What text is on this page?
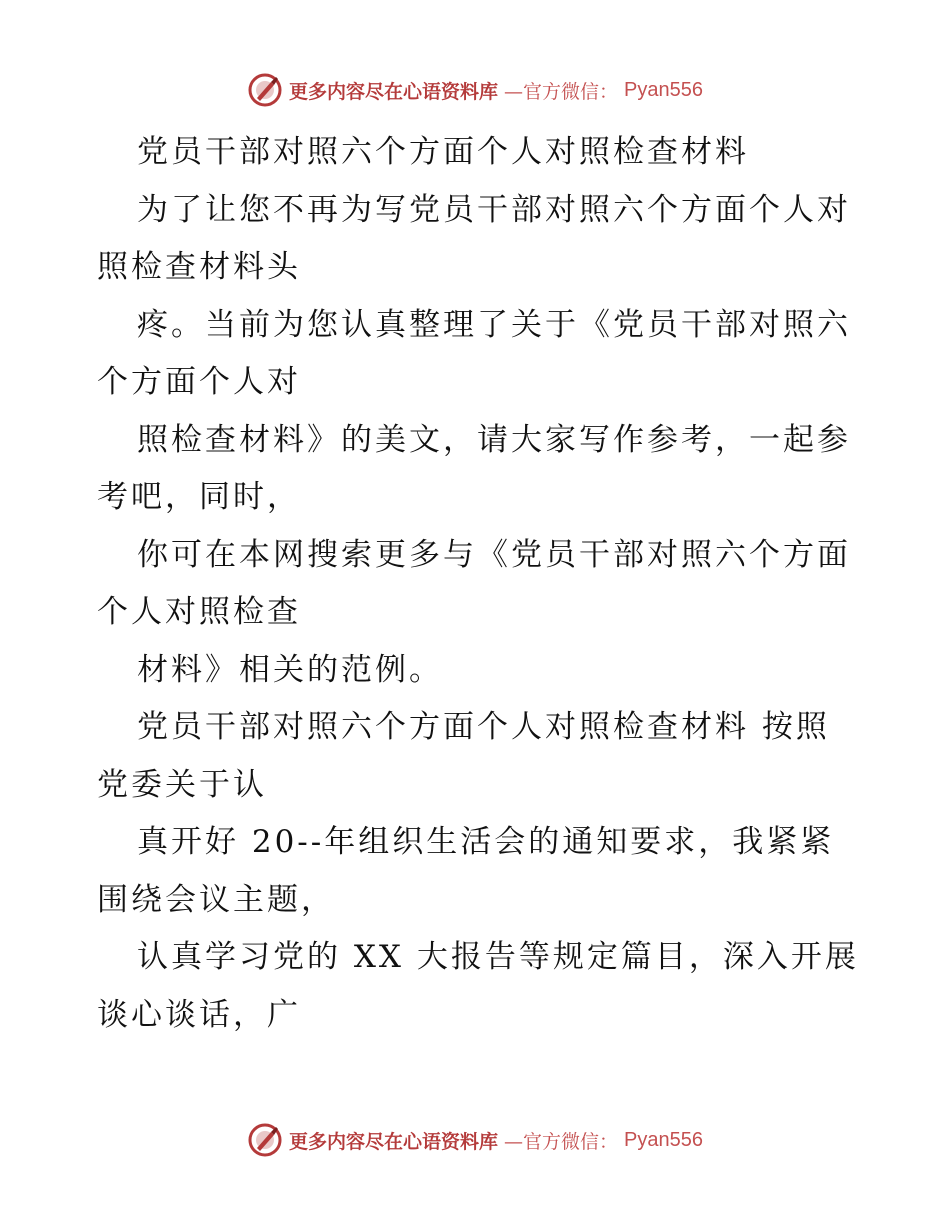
更多内容尽在心语资料库 —官方微信： Pyan556
党员干部对照六个方面个人对照检查材料
为了让您不再为写党员干部对照六个方面个人对
照检查材料头
疼。当前为您认真整理了关于《党员干部对照六
个方面个人对
照检查材料》的美文，请大家写作参考，一起参
考吧，同时，
你可在本网搜索更多与《党员干部对照六个方面
个人对照检查
材料》相关的范例。
党员干部对照六个方面个人对照检查材料 按照
党委关于认
真开好 20--年组织生活会的通知要求，我紧紧
围绕会议主题，
认真学习党的 XX 大报告等规定篇目，深入开展
谈心谈话，广
更多内容尽在心语资料库 —官方微信： Pyan556
